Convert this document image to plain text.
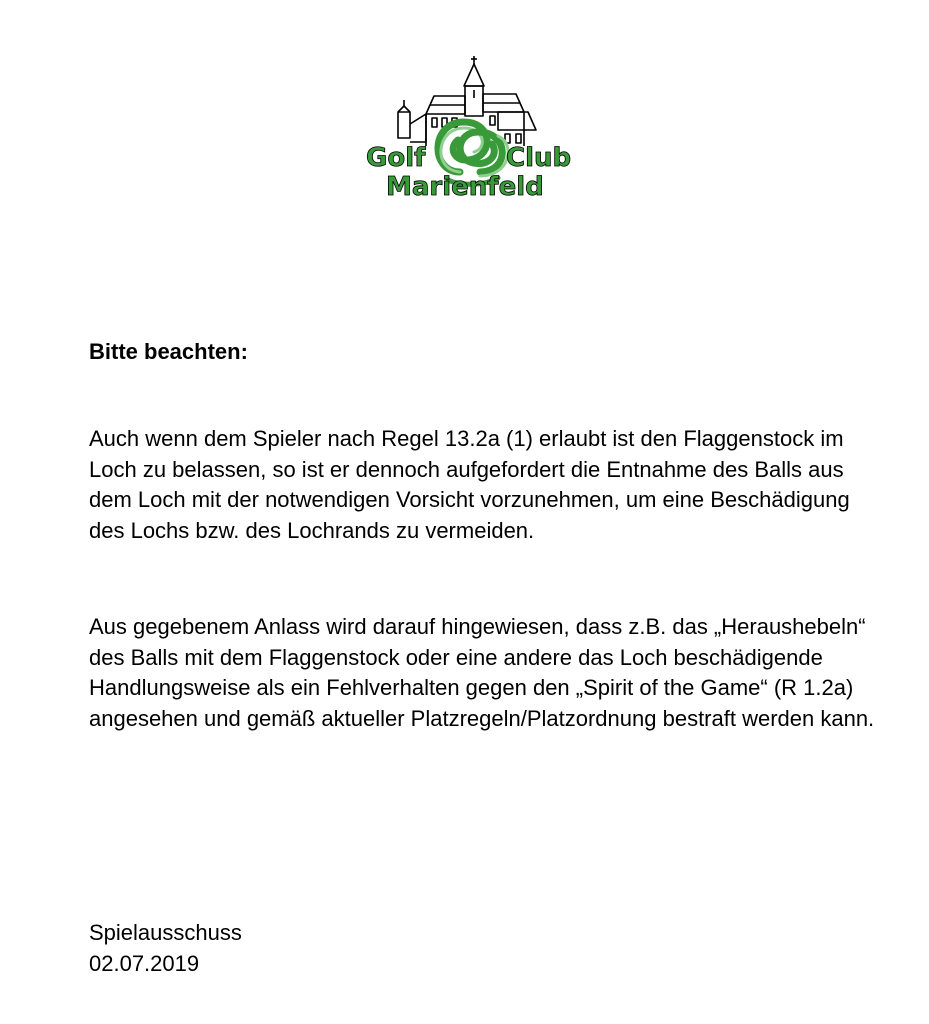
Golf	Club
Marienfeld
Bitte beachten:

Auch wenn dem Spieler nach Regel 13.2a (1) erlaubt ist den Flaggenstock im Loch zu belassen, so ist er dennoch aufgefordert die Entnahme des Balls aus dem Loch mit der notwendigen Vorsicht vorzunehmen, um eine Beschädigung des Lochs bzw. des Lochrands zu vermeiden.

Aus gegebenem Anlass wird darauf hingewiesen, dass z.B. das „Heraushebeln“ des Balls mit dem Flaggenstock oder eine andere das Loch beschädigende Handlungsweise als ein Fehlverhalten gegen den „Spirit of the Game“ (R 1.2a) angesehen und gemäß aktueller Platzregeln/Platzordnung bestraft werden kann.

Spielausschuss
02.07.2019
